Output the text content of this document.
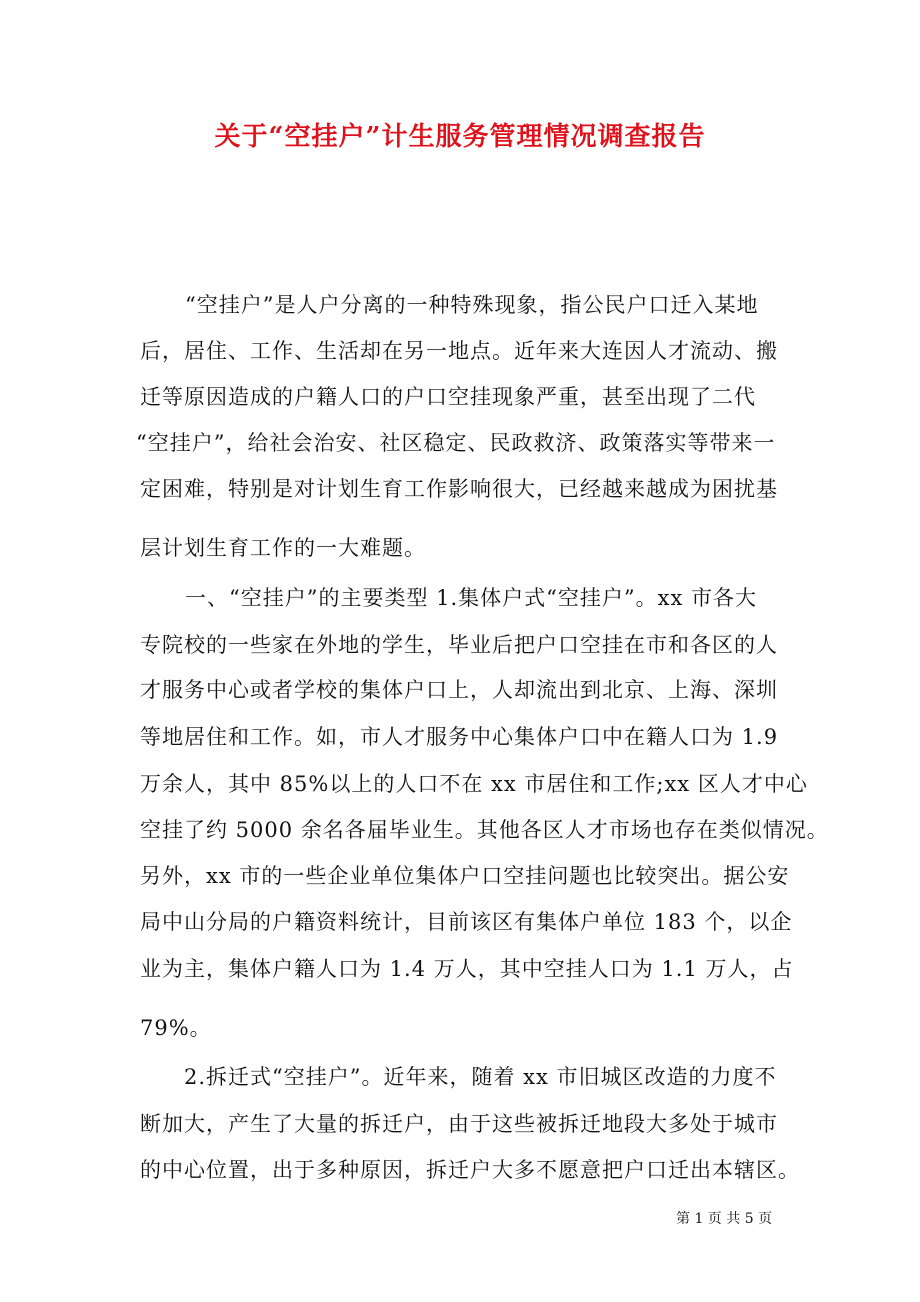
关于“空挂户”计生服务管理情况调查报告
“空挂户”是人户分离的一种特殊现象，指公民户口迁入某地
后，居住、工作、生活却在另一地点。近年来大连因人才流动、搬
迁等原因造成的户籍人口的户口空挂现象严重，甚至出现了二代
“空挂户”，给社会治安、社区稳定、民政救济、政策落实等带来一
定困难，特别是对计划生育工作影响很大，已经越来越成为困扰基
层计划生育工作的一大难题。
一、“空挂户”的主要类型 1.集体户式“空挂户”。xx 市各大
专院校的一些家在外地的学生，毕业后把户口空挂在市和各区的人
才服务中心或者学校的集体户口上，人却流出到北京、上海、深圳
等地居住和工作。如，市人才服务中心集体户口中在籍人口为 1.9
万余人，其中 85%以上的人口不在 xx 市居住和工作;xx 区人才中心
空挂了约 5000 余名各届毕业生。其他各区人才市场也存在类似情况。
另外，xx 市的一些企业单位集体户口空挂问题也比较突出。据公安
局中山分局的户籍资料统计，目前该区有集体户单位 183 个，以企
业为主，集体户籍人口为 1.4 万人，其中空挂人口为 1.1 万人，占
79%。
2.拆迁式“空挂户”。近年来，随着 xx 市旧城区改造的力度不
断加大，产生了大量的拆迁户，由于这些被拆迁地段大多处于城市
的中心位置，出于多种原因，拆迁户大多不愿意把户口迁出本辖区。
第 1 页 共 5 页
